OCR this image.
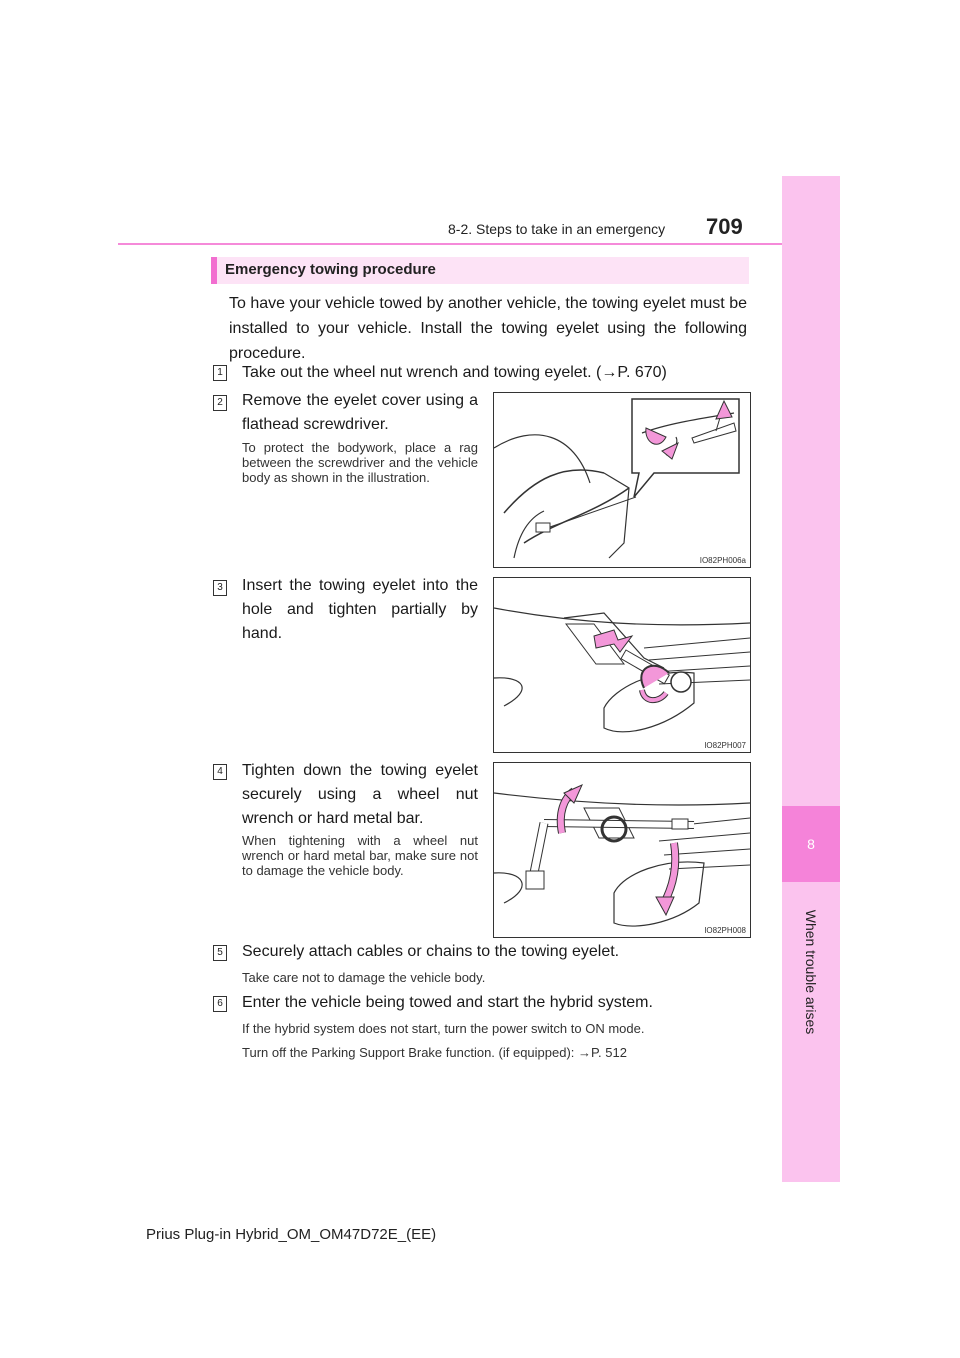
8
When trouble arises
8-2. Steps to take in an emergency 709
Emergency towing procedure
To have your vehicle towed by another vehicle, the towing eyelet must be installed to your vehicle. Install the towing eyelet using the following procedure.
1 Take out the wheel nut wrench and towing eyelet. (→P. 670)
2 Remove the eyelet cover using a flathead screwdriver.
To protect the bodywork, place a rag between the screwdriver and the vehicle body as shown in the illustration.
IO82PH006a
3 Insert the towing eyelet into the hole and tighten partially by hand.
IO82PH007
4 Tighten down the towing eyelet securely using a wheel nut wrench or hard metal bar.
When tightening with a wheel nut wrench or hard metal bar, make sure not to damage the vehicle body.
IO82PH008
5 Securely attach cables or chains to the towing eyelet.
Take care not to damage the vehicle body.
6 Enter the vehicle being towed and start the hybrid system.
If the hybrid system does not start, turn the power switch to ON mode.
Turn off the Parking Support Brake function. (if equipped): →P. 512
Prius Plug-in Hybrid_OM_OM47D72E_(EE)
